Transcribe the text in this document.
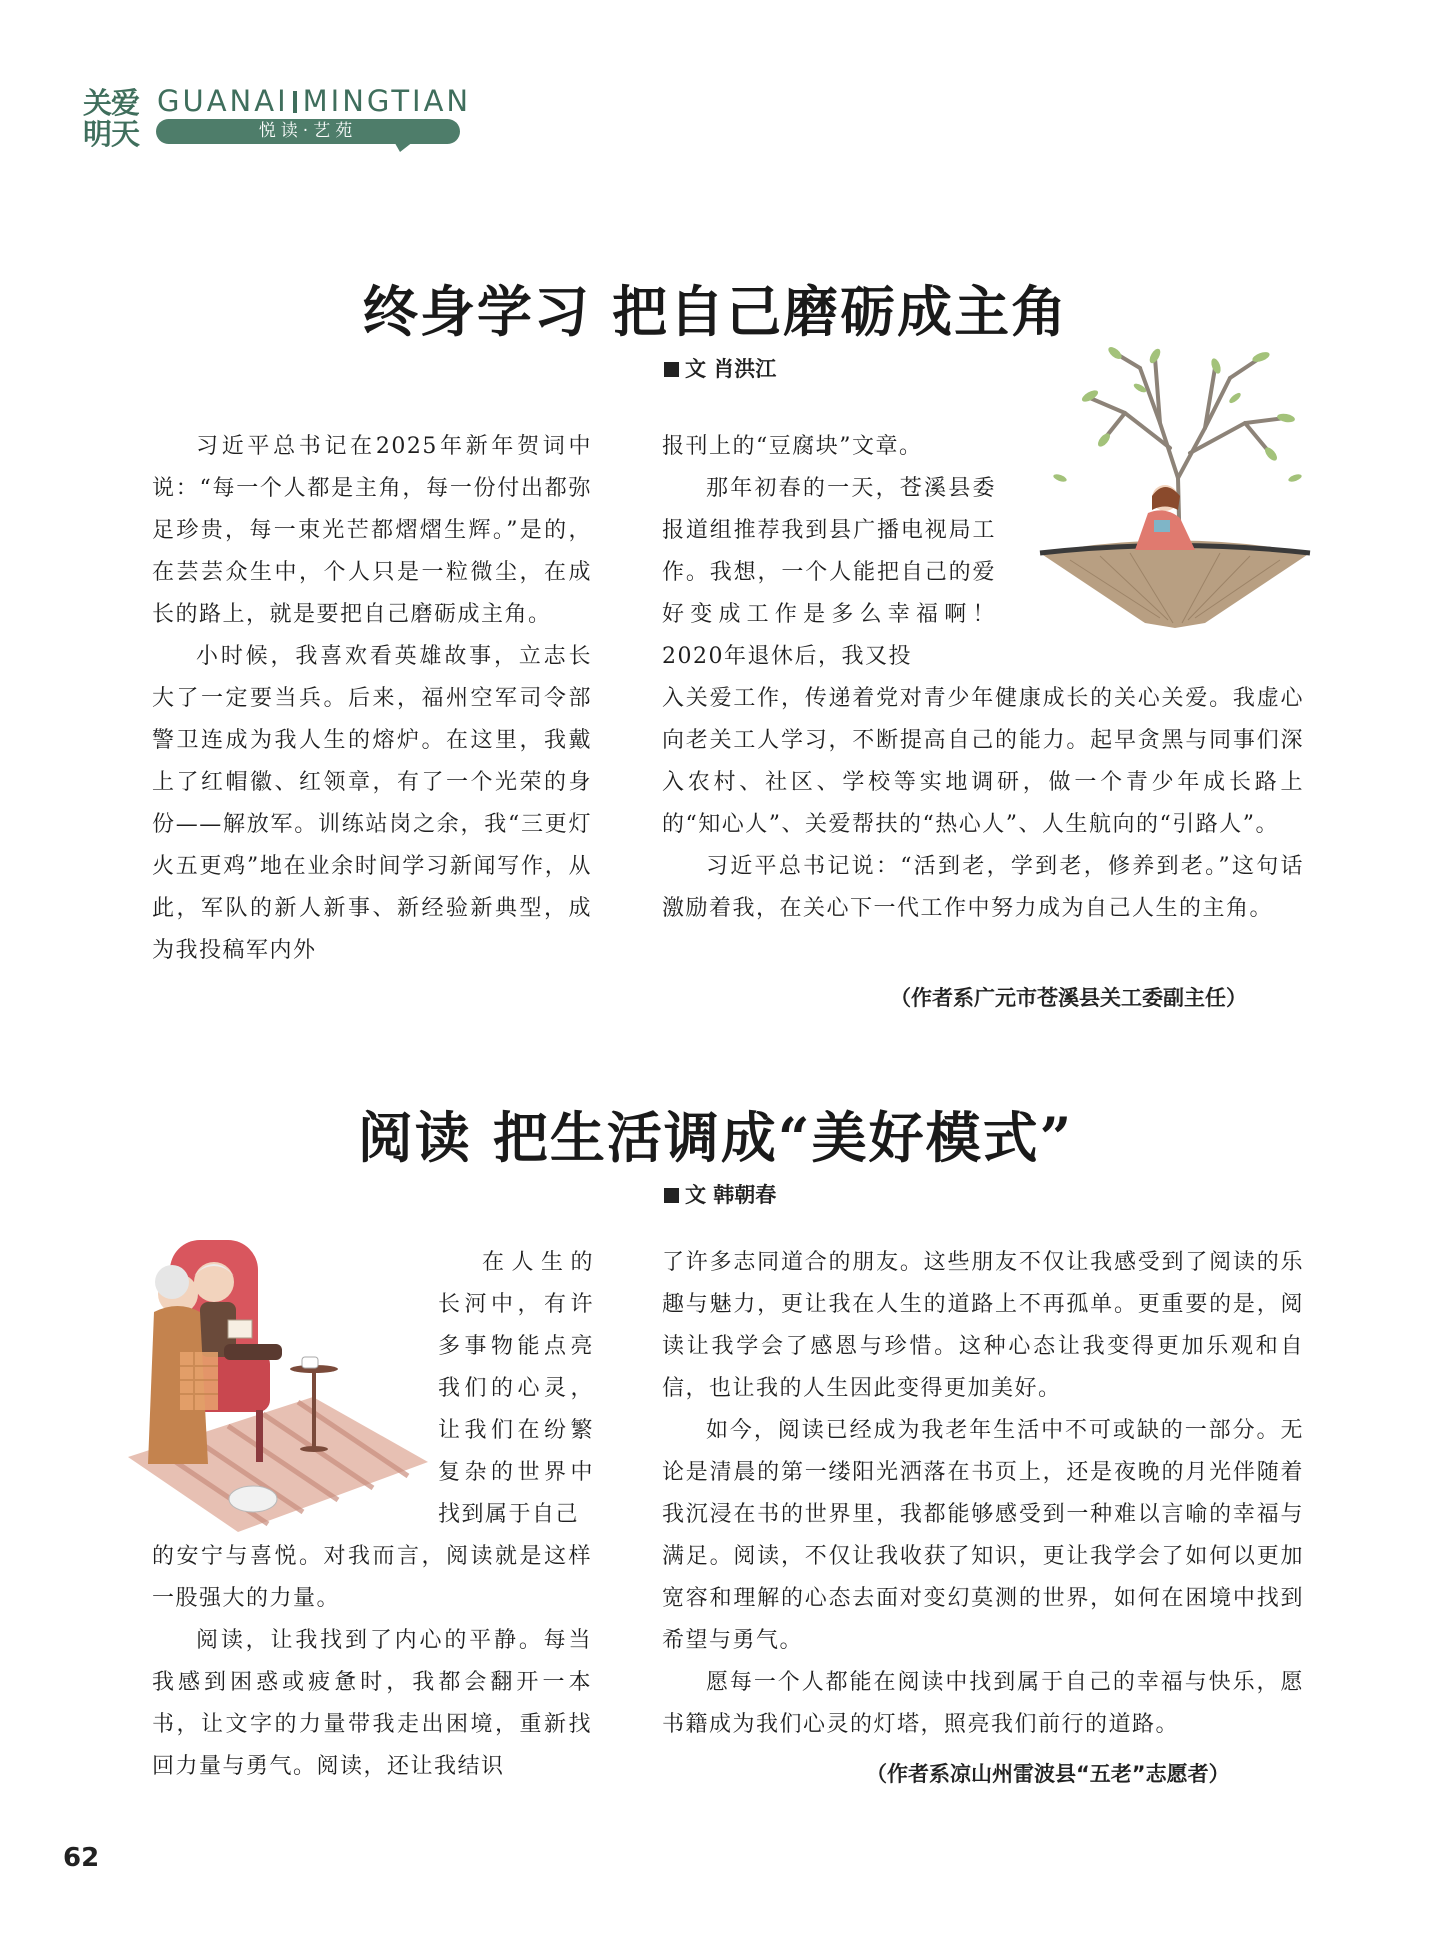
关爱明天
GUANAI MINGTIAN
悦读·艺苑
终身学习 把自己磨砺成主角
文 肖洪江

习近平总书记在2025年新年贺词中说：“每一个人都是主角，每一份付出都弥足珍贵，每一束光芒都熠熠生辉。”是的，在芸芸众生中，个人只是一粒微尘，在成长的路上，就是要把自己磨砺成主角。

小时候，我喜欢看英雄故事，立志长大了一定要当兵。后来，福州空军司令部警卫连成为我人生的熔炉。在这里，我戴上了红帽徽、红领章，有了一个光荣的身份——解放军。训练站岗之余，我“三更灯火五更鸡”地在业余时间学习新闻写作，从此，军队的新人新事、新经验新典型，成为我投稿军内外

报刊上的“豆腐块”文章。

那年初春的一天，苍溪县委报道组推荐我到县广播电视局工作。我想，一个人能把自己的爱好变成工作是多么幸福啊！2020年退休后，我又投

入关爱工作，传递着党对青少年健康成长的关心关爱。我虚心向老关工人学习，不断提高自己的能力。起早贪黑与同事们深入农村、社区、学校等实地调研，做一个青少年成长路上的“知心人”、关爱帮扶的“热心人”、人生航向的“引路人”。

习近平总书记说：“活到老，学到老，修养到老。”这句话激励着我，在关心下一代工作中努力成为自己人生的主角。

（作者系广元市苍溪县关工委副主任）
阅读 把生活调成“美好模式”
文 韩朝春

在人生的长河中，有许多事物能点亮我们的心灵，让我们在纷繁复杂的世界中找到属于自己

的安宁与喜悦。对我而言，阅读就是这样一股强大的力量。

阅读，让我找到了内心的平静。每当我感到困惑或疲惫时，我都会翻开一本书，让文字的力量带我走出困境，重新找回力量与勇气。阅读，还让我结识

了许多志同道合的朋友。这些朋友不仅让我感受到了阅读的乐趣与魅力，更让我在人生的道路上不再孤单。更重要的是，阅读让我学会了感恩与珍惜。这种心态让我变得更加乐观和自信，也让我的人生因此变得更加美好。

如今，阅读已经成为我老年生活中不可或缺的一部分。无论是清晨的第一缕阳光洒落在书页上，还是夜晚的月光伴随着我沉浸在书的世界里，我都能够感受到一种难以言喻的幸福与满足。阅读，不仅让我收获了知识，更让我学会了如何以更加宽容和理解的心态去面对变幻莫测的世界，如何在困境中找到希望与勇气。

愿每一个人都能在阅读中找到属于自己的幸福与快乐，愿书籍成为我们心灵的灯塔，照亮我们前行的道路。

（作者系凉山州雷波县“五老”志愿者）
62
